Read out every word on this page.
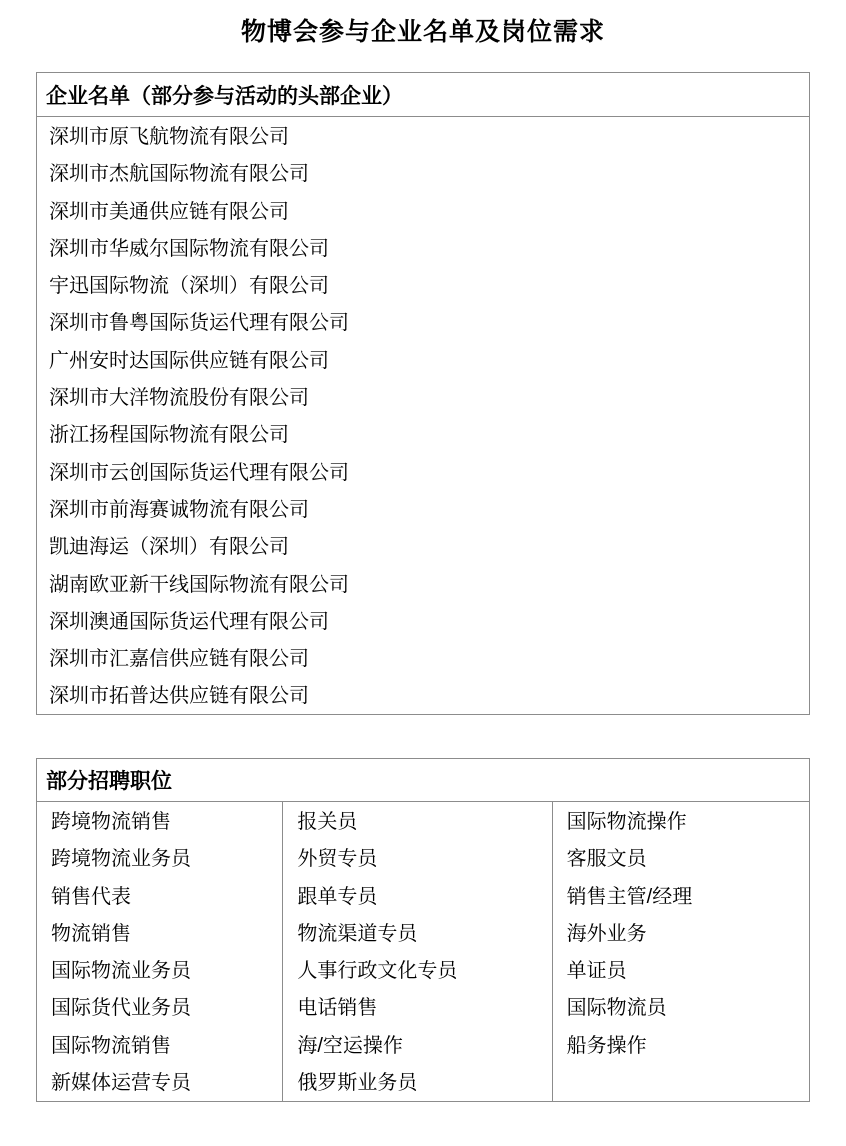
物博会参与企业名单及岗位需求
企业名单（部分参与活动的头部企业）
深圳市原飞航物流有限公司
深圳市杰航国际物流有限公司
深圳市美通供应链有限公司
深圳市华威尔国际物流有限公司
宇迅国际物流（深圳）有限公司
深圳市鲁粤国际货运代理有限公司
广州安时达国际供应链有限公司
深圳市大洋物流股份有限公司
浙江扬程国际物流有限公司
深圳市云创国际货运代理有限公司
深圳市前海赛诚物流有限公司
凯迪海运（深圳）有限公司
湖南欧亚新干线国际物流有限公司
深圳澳通国际货运代理有限公司
深圳市汇嘉信供应链有限公司
深圳市拓普达供应链有限公司
部分招聘职位
跨境物流销售
跨境物流业务员
销售代表
物流销售
国际物流业务员
国际货代业务员
国际物流销售
新媒体运营专员
报关员
外贸专员
跟单专员
物流渠道专员
人事行政文化专员
电话销售
海/空运操作
俄罗斯业务员
国际物流操作
客服文员
销售主管/经理
海外业务
单证员
国际物流员
船务操作
